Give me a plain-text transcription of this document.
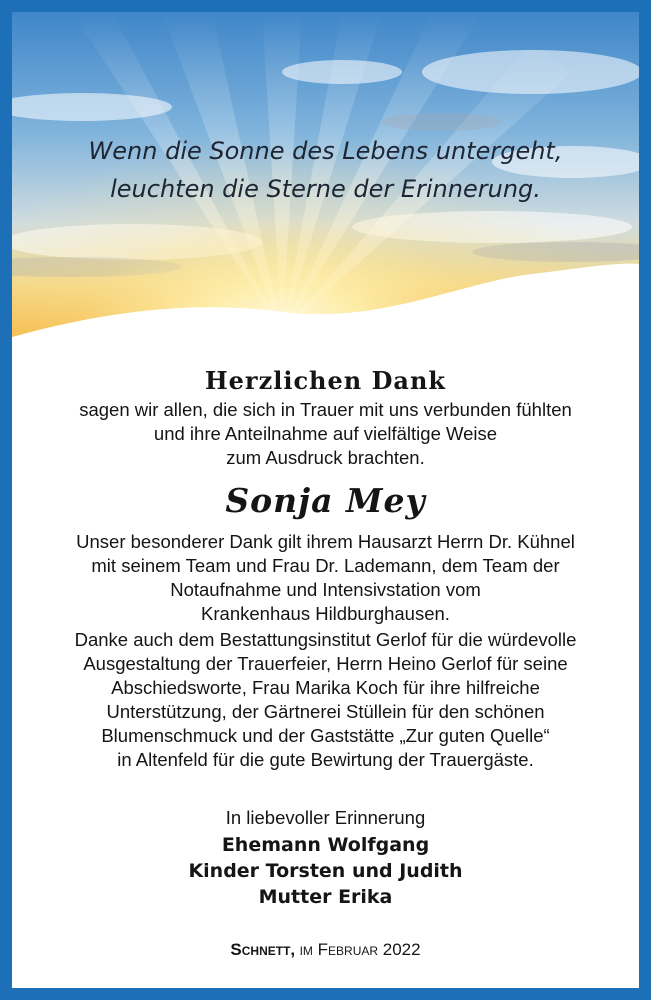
Wenn die Sonne des Lebens untergeht,
leuchten die Sterne der Erinnerung.
Herzlichen Dank

sagen wir allen, die sich in Trauer mit uns verbunden fühlten
und ihre Anteilnahme auf vielfältige Weise
zum Ausdruck brachten.

Sonja Mey

Unser besonderer Dank gilt ihrem Hausarzt Herrn Dr. Kühnel
mit seinem Team und Frau Dr. Lademann, dem Team der
Notaufnahme und Intensivstation vom
Krankenhaus Hildburghausen.

Danke auch dem Bestattungsinstitut Gerlof für die würdevolle
Ausgestaltung der Trauerfeier, Herrn Heino Gerlof für seine
Abschiedsworte, Frau Marika Koch für ihre hilfreiche
Unterstützung, der Gärtnerei Stüllein für den schönen
Blumenschmuck und der Gaststätte „Zur guten Quelle“
in Altenfeld für die gute Bewirtung der Trauergäste.

In liebevoller Erinnerung

Ehemann Wolfgang
Kinder Torsten und Judith
Mutter Erika

Schnett, im Februar 2022
